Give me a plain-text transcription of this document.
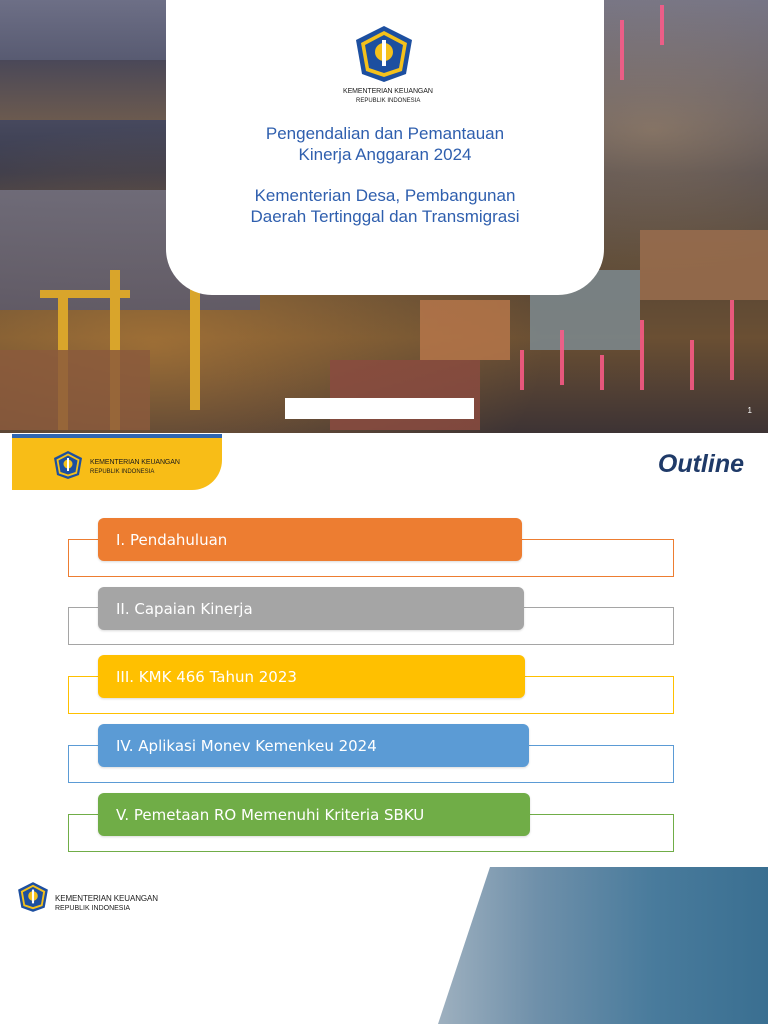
KEMENTERIAN KEUANGAN
REPUBLIK INDONESIA
Pengendalian dan Pemantauan
Kinerja Anggaran 2024
Kementerian Desa, Pembangunan
Daerah Tertinggal dan Transmigrasi
1
KEMENTERIAN KEUANGAN
REPUBLIK INDONESIA	Outline
I. Pendahuluan
II. Capaian Kinerja
III. KMK 466 Tahun 2023
IV. Aplikasi Monev Kemenkeu 2024
V. Pemetaan RO Memenuhi Kriteria SBKU
KEMENTERIAN KEUANGAN
REPUBLIK INDONESIA
